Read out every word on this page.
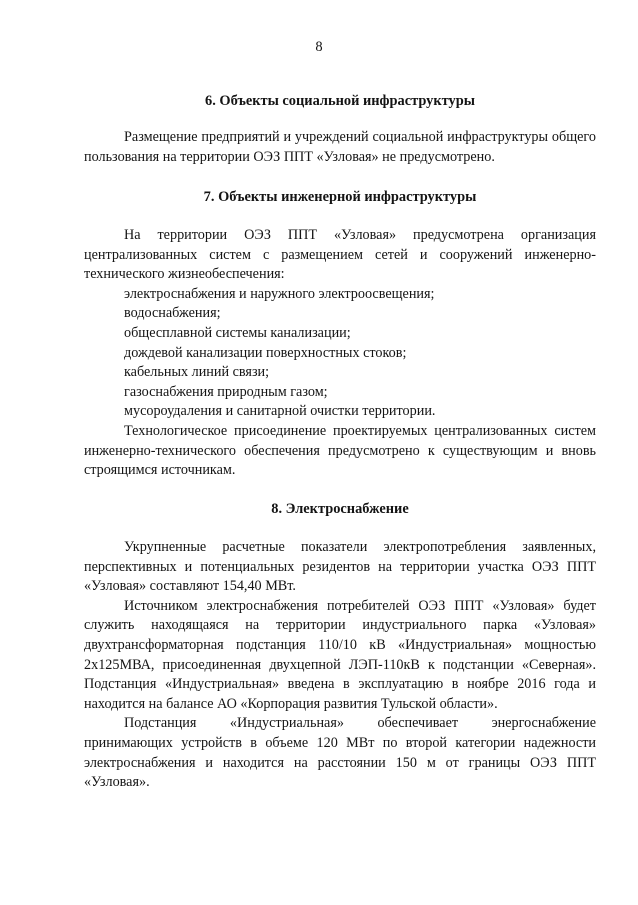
8
6. Объекты социальной инфраструктуры

Размещение предприятий и учреждений социальной инфраструктуры общего пользования на территории ОЭЗ ППТ «Узловая» не предусмотрено.

7. Объекты инженерной инфраструктуры

На территории ОЭЗ ППТ «Узловая» предусмотрена организация централизованных систем с размещением сетей и сооружений инженерно-технического жизнеобеспечения:

электроснабжения и наружного электроосвещения;
водоснабжения;
общесплавной системы канализации;
дождевой канализации поверхностных стоков;
кабельных линий связи;
газоснабжения природным газом;
мусороудаления и санитарной очистки территории.

Технологическое присоединение проектируемых централизованных систем инженерно-технического обеспечения предусмотрено к существующим и вновь строящимся источникам.

8. Электроснабжение

Укрупненные расчетные показатели электропотребления заявленных, перспективных и потенциальных резидентов на территории участка ОЭЗ ППТ «Узловая» составляют 154,40 МВт.

Источником электроснабжения потребителей ОЭЗ ППТ «Узловая» будет служить находящаяся на территории индустриального парка «Узловая» двухтрансформаторная подстанция 110/10 кВ «Индустриальная» мощностью 2х125МВА, присоединенная двухцепной ЛЭП-110кВ к подстанции «Северная». Подстанция «Индустриальная» введена в эксплуатацию в ноябре 2016 года и находится на балансе АО «Корпорация развития Тульской области».

Подстанция «Индустриальная» обеспечивает энергоснабжение принимающих устройств в объеме 120 МВт по второй категории надежности электроснабжения и находится на расстоянии 150 м от границы ОЭЗ ППТ «Узловая».
